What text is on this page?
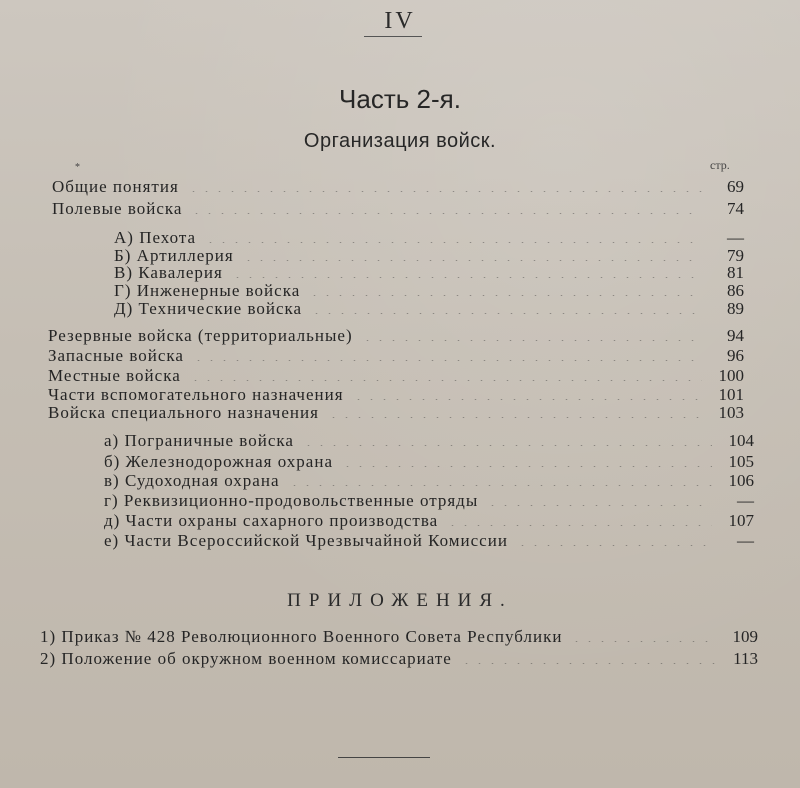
IV
Часть 2-я.
Организация войск.
стр.
*
Общие понятия	69
Полевые войска	74
А) Пехота	—
Б) Артиллерия	79
В) Кавалерия	81
Г) Инженерные войска	86
Д) Технические войска	89
Резервные войска (территориальные)	94
Запасные войска	96
Местные войска	100
Части вспомогательного назначения	101
Войска специального назначения	103
а) Пограничные войска	104
б) Железнодорожная охрана	105
в) Судоходная охрана	106
г) Реквизиционно-продовольственные отряды	—
д) Части охраны сахарного производства	107
е) Части Всероссийской Чрезвычайной Комиссии	—
ПРИЛОЖЕНИЯ.
1) Приказ № 428 Революционного Военного Совета Республики	109
2) Положение об окружном военном комиссариате	113
